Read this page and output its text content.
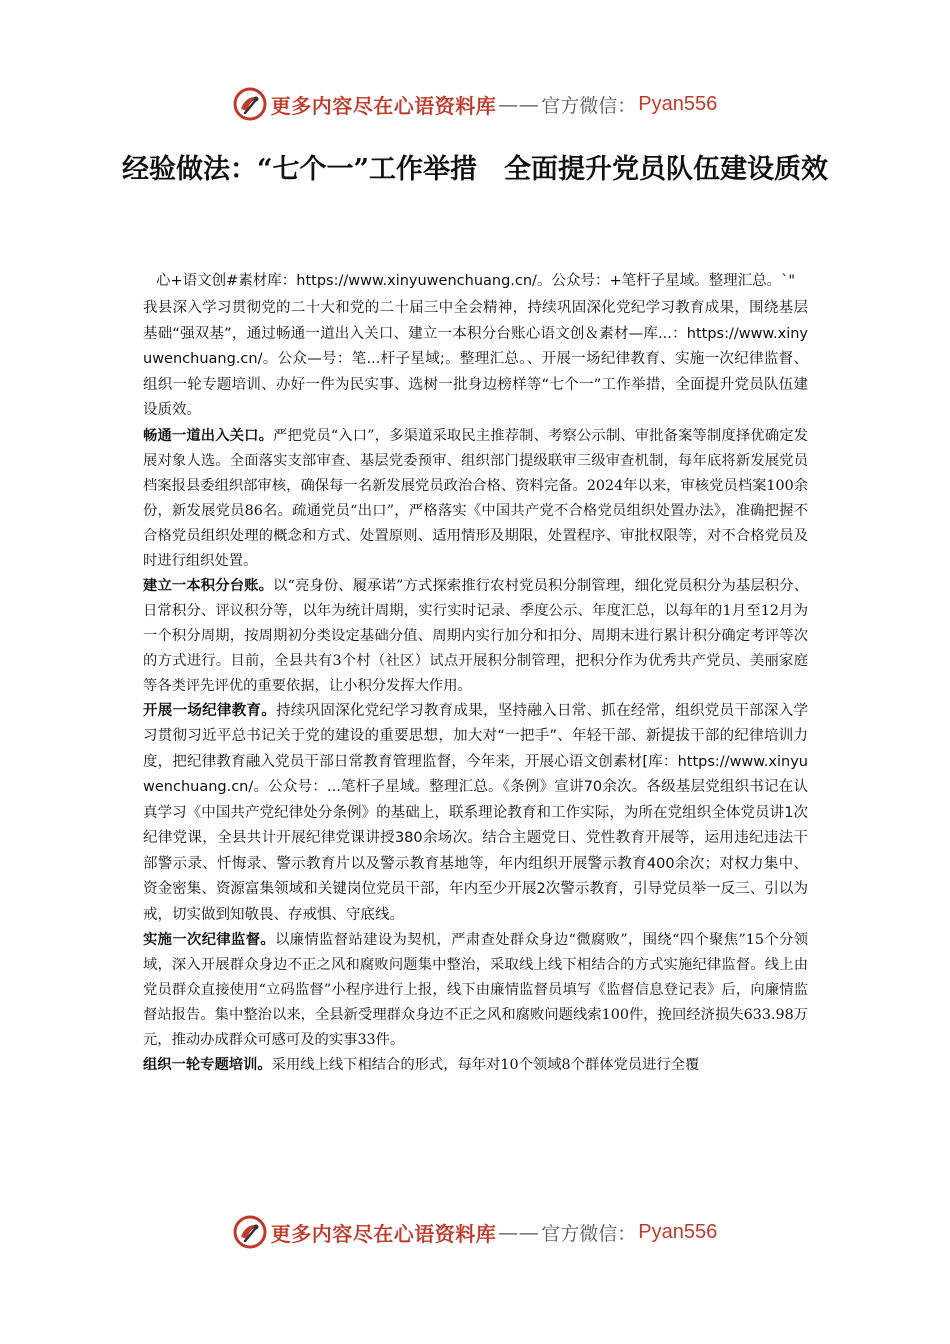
更多内容尽在心语资料库 —— 官方微信： Pyan556
经验做法：“七个一”工作举措　全面提升党员队伍建设质效

心+语文创#素材库：https://www.xinyuwenchuang.cn/。公众号：+笔杆子星域。整理汇总。`"

我县深入学习贯彻党的二十大和党的二十届三中全会精神，持续巩固深化党纪学习教育成果，围绕基层基础“强双基”，通过畅通一道出入关口、建立一本积分台账心语文创＆素材—库...：https://www.xinyuwenchuang.cn/。公众—号：笔...杆子星域;。整理汇总。、开展一场纪律教育、实施一次纪律监督、组织一轮专题培训、办好一件为民实事、选树一批身边榜样等“七个一”工作举措，全面提升党员队伍建设质效。

畅通一道出入关口。严把党员“入口”，多渠道采取民主推荐制、考察公示制、审批备案等制度择优确定发展对象人选。全面落实支部审查、基层党委预审、组织部门提级联审三级审查机制，每年底将新发展党员档案报县委组织部审核，确保每一名新发展党员政治合格、资料完备。2024年以来，审核党员档案100余份，新发展党员86名。疏通党员“出口”，严格落实《中国共产党不合格党员组织处置办法》，准确把握不合格党员组织处理的概念和方式、处置原则、适用情形及期限，处置程序、审批权限等，对不合格党员及时进行组织处置。

建立一本积分台账。以“亮身份、履承诺”方式探索推行农村党员积分制管理，细化党员积分为基层积分、日常积分、评议积分等，以年为统计周期，实行实时记录、季度公示、年度汇总，以每年的1月至12月为一个积分周期，按周期初分类设定基础分值、周期内实行加分和扣分、周期末进行累计积分确定考评等次的方式进行。目前，全县共有3个村（社区）试点开展积分制管理，把积分作为优秀共产党员、美丽家庭等各类评先评优的重要依据，让小积分发挥大作用。

开展一场纪律教育。持续巩固深化党纪学习教育成果，坚持融入日常、抓在经常，组织党员干部深入学习贯彻习近平总书记关于党的建设的重要思想，加大对“一把手”、年轻干部、新提拔干部的纪律培训力度，把纪律教育融入党员干部日常教育管理监督，今年来，开展心语文创素材[库：https://www.xinyuwenchuang.cn/。公众号：...笔杆子星域。整理汇总。《条例》宣讲70余次。各级基层党组织书记在认真学习《中国共产党纪律处分条例》的基础上，联系理论教育和工作实际，为所在党组织全体党员讲1次纪律党课，全县共计开展纪律党课讲授380余场次。结合主题党日、党性教育开展等，运用违纪违法干部警示录、忏悔录、警示教育片以及警示教育基地等，年内组织开展警示教育400余次；对权力集中、资金密集、资源富集领域和关键岗位党员干部，年内至少开展2次警示教育，引导党员举一反三、引以为戒，切实做到知敬畏、存戒惧、守底线。

实施一次纪律监督。以廉情监督站建设为契机，严肃查处群众身边“微腐败”，围绕“四个聚焦”15个分领域，深入开展群众身边不正之风和腐败问题集中整治，采取线上线下相结合的方式实施纪律监督。线上由党员群众直接使用“立码监督”小程序进行上报，线下由廉情监督员填写《监督信息登记表》后，向廉情监督站报告。集中整治以来，全县新受理群众身边不正之风和腐败问题线索100件，挽回经济损失633.98万元，推动办成群众可感可及的实事33件。

组织一轮专题培训。采用线上线下相结合的形式，每年对10个领域8个群体党员进行全覆

更多内容尽在心语资料库 —— 官方微信： Pyan556
